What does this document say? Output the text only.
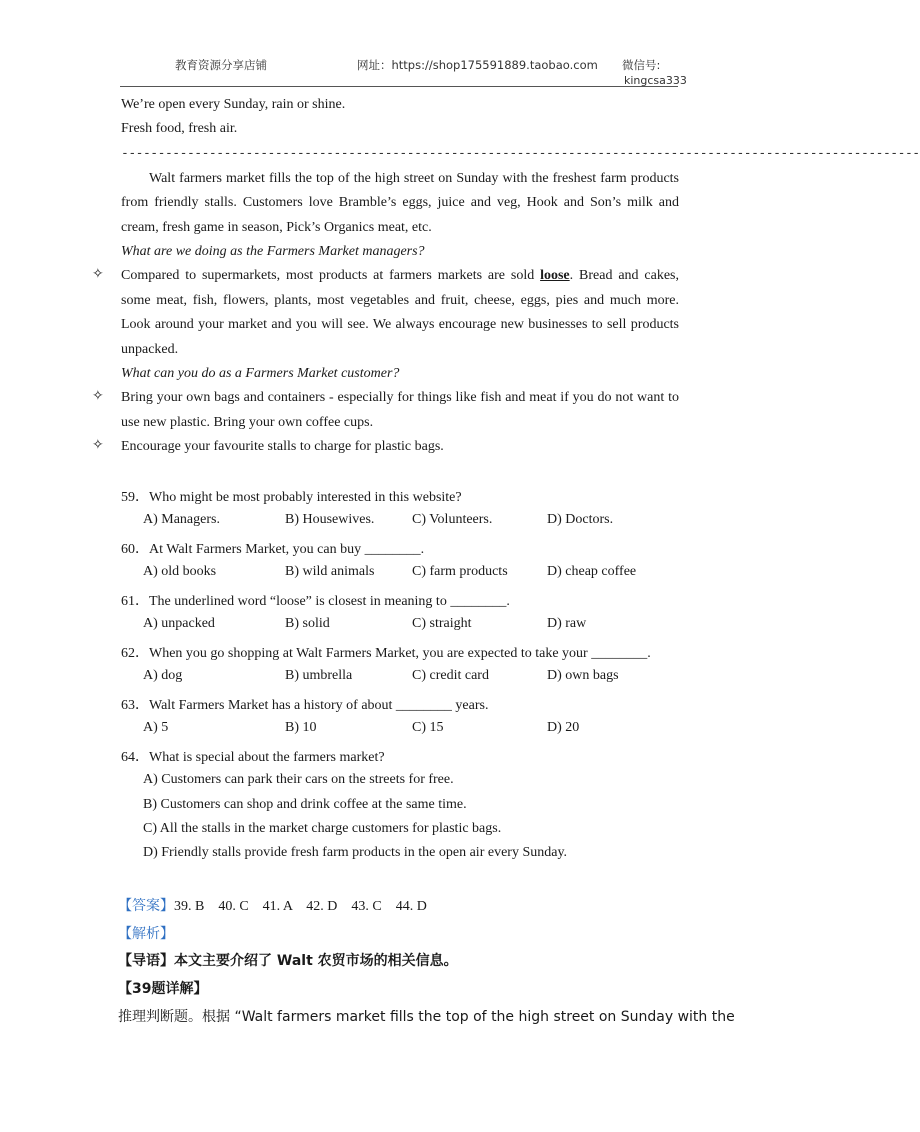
教育资源分享店铺	网址：https://shop175591889.taobao.com 微信号:
kingcsa333
We’re open every Sunday, rain or shine.
Fresh food, fresh air.
-------------------------------------------------------------------------------------------------------------
Walt farmers market fills the top of the high street on Sunday with the freshest farm products
from friendly stalls. Customers love Bramble’s eggs, juice and veg, Hook and Son’s milk and
cream, fresh game in season, Pick’s Organics meat, etc.
What are we doing as the Farmers Market managers?
✧ Compared to supermarkets, most products at farmers markets are sold loose. Bread and cakes,
some meat, fish, flowers, plants, most vegetables and fruit, cheese, eggs, pies and much more.
Look around your market and you will see. We always encourage new businesses to sell products
unpacked.
What can you do as a Farmers Market customer?
✧ Bring your own bags and containers - especially for things like fish and meat if you do not want to
use new plastic. Bring your own coffee cups.
✧ Encourage your favourite stalls to charge for plastic bags.
59．Who might be most probably interested in this website?
A) Managers.	B) Housewives.	C) Volunteers.	D) Doctors.
60．At Walt Farmers Market, you can buy ________.
A) old books	B) wild animals	C) farm products	D) cheap coffee
61．The underlined word “loose” is closest in meaning to ________.
A) unpacked	B) solid	C) straight	D) raw
62．When you go shopping at Walt Farmers Market, you are expected to take your ________.
A) dog	B) umbrella	C) credit card	D) own bags
63．Walt Farmers Market has a history of about ________ years.
A) 5	B) 10	C) 15	D) 20
64．What is special about the farmers market?
A) Customers can park their cars on the streets for free.
B) Customers can shop and drink coffee at the same time.
C) All the stalls in the market charge customers for plastic bags.
D) Friendly stalls provide fresh farm products in the open air every Sunday.
【答案】39. B    40. C    41. A    42. D    43. C    44. D
【解析】
【导语】本文主要介绍了 Walt 农贸市场的相关信息。
【39题详解】
推理判断题。根据 “Walt farmers market fills the top of the high street on Sunday with the
